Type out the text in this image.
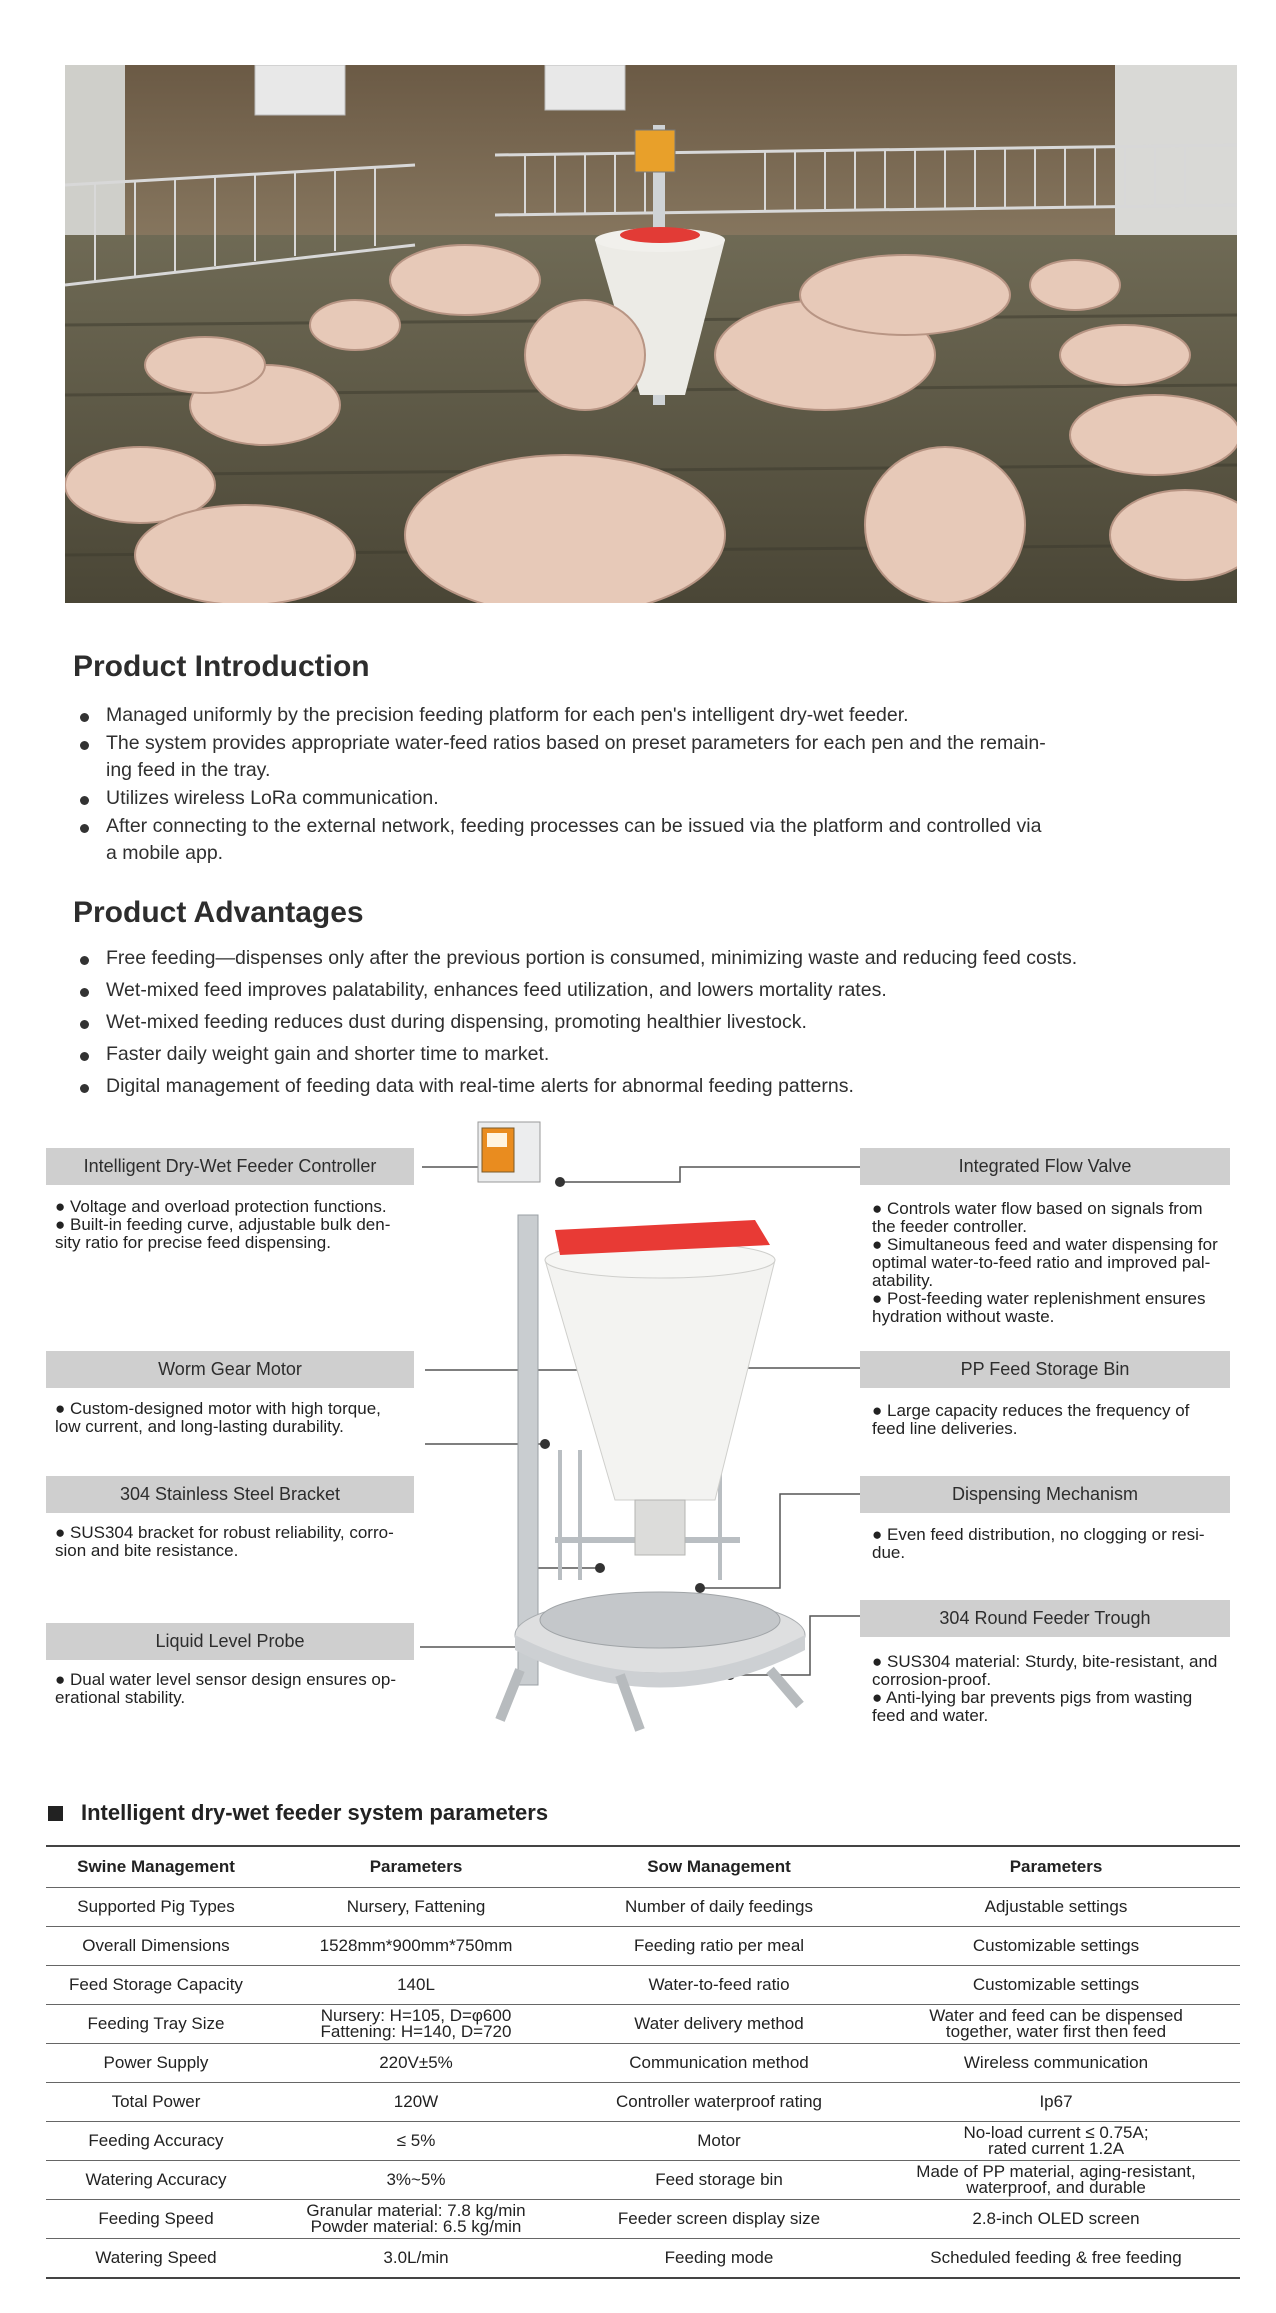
Product Introduction
Managed uniformly by the precision feeding platform for each pen's intelligent dry-wet feeder.
The system provides appropriate water-feed ratios based on preset parameters for each pen and the remain-
ing feed in the tray.
Utilizes wireless LoRa communication.
After connecting to the external network, feeding processes can be issued via the platform and controlled via
a mobile app.
Product Advantages
Free feeding—dispenses only after the previous portion is consumed, minimizing waste and reducing feed costs.
Wet-mixed feed improves palatability, enhances feed utilization, and lowers mortality rates.
Wet-mixed feeding reduces dust during dispensing, promoting healthier livestock.
Faster daily weight gain and shorter time to market.
Digital management of feeding data with real-time alerts for abnormal feeding patterns.
Intelligent Dry-Wet Feeder Controller
● Voltage and overload protection functions.
● Built-in feeding curve, adjustable bulk den-
sity ratio for precise feed dispensing.
Worm Gear Motor
● Custom-designed motor with high torque,
low current, and long-lasting durability.
304 Stainless Steel Bracket
● SUS304 bracket for robust reliability, corro-
sion and bite resistance.
Liquid Level Probe
● Dual water level sensor design ensures op-
erational stability.
Integrated Flow Valve
● Controls water flow based on signals from
the feeder controller.
● Simultaneous feed and water dispensing for
optimal water-to-feed ratio and improved pal-
atability.
● Post-feeding water replenishment ensures
hydration without waste.
PP Feed Storage Bin
● Large capacity reduces the frequency of
feed line deliveries.
Dispensing Mechanism
● Even feed distribution, no clogging or resi-
due.
304 Round Feeder Trough
● SUS304 material: Sturdy, bite-resistant, and
corrosion-proof.
● Anti-lying bar prevents pigs from wasting
feed and water.
Intelligent dry-wet feeder system parameters
Swine Management	Parameters	Sow Management	Parameters
Supported Pig Types	Nursery, Fattening	Number of daily feedings	Adjustable settings
Overall Dimensions	1528mm*900mm*750mm	Feeding ratio per meal	Customizable settings
Feed Storage Capacity	140L	Water-to-feed ratio	Customizable settings
Feeding Tray Size	Nursery: H=105, D=φ600
Fattening: H=140, D=720	Water delivery method	Water and feed can be dispensed
together, water first then feed
Power Supply	220V±5%	Communication method	Wireless communication
Total Power	120W	Controller waterproof rating	Ip67
Feeding Accuracy	≤ 5%	Motor	No-load current ≤ 0.75A;
rated current 1.2A
Watering Accuracy	3%~5%	Feed storage bin	Made of PP material, aging-resistant,
waterproof, and durable
Feeding Speed	Granular material: 7.8 kg/min
Powder material: 6.5 kg/min	Feeder screen display size	2.8-inch OLED screen
Watering Speed	3.0L/min	Feeding mode	Scheduled feeding & free feeding
